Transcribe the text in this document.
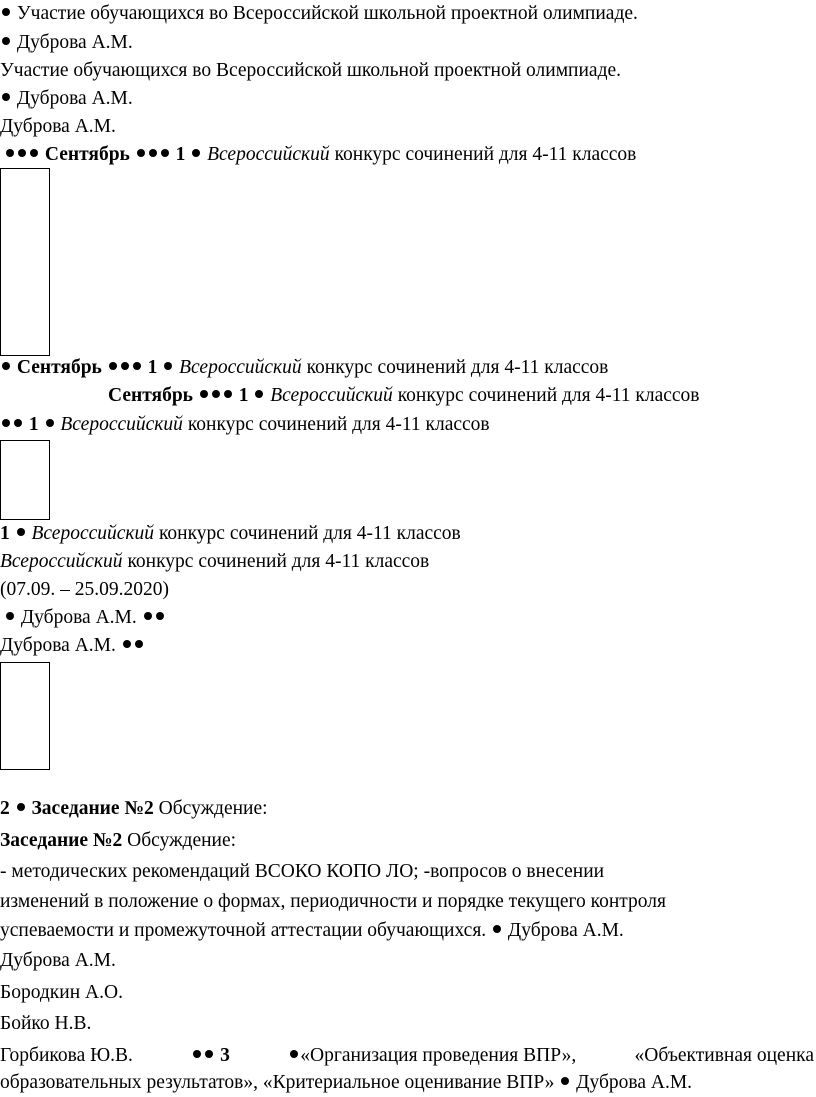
Участие обучающихся во Всероссийской школьной проектной олимпиаде.
Дуброва А.М.
Участие обучающихся во Всероссийской школьной проектной олимпиаде.
Дуброва А.М.
Дуброва А.М.
Сентябрь 1 Всероссийский конкурс сочинений для 4-11 классов
Сентябрь 1 Всероссийский конкурс сочинений для 4-11 классов
Сентябрь 1 Всероссийский конкурс сочинений для 4-11 классов
1 Всероссийский конкурс сочинений для 4-11 классов
1 Всероссийский конкурс сочинений для 4-11 классов
Всероссийский конкурс сочинений для 4-11 классов
(07.09. – 25.09.2020)
Дуброва А.М.
Дуброва А.М.
2 Заседание №2 Обсуждение:
Заседание №2 Обсуждение:
- методических рекомендаций ВСОКО КОПО ЛО; -вопросов о внесении
изменений в положение о формах, периодичности и порядке текущего контроля
успеваемости и промежуточной аттестации обучающихся. Дуброва А.М.
Дуброва А.М.
Бородкин А.О.
Бойко Н.В.
Горбикова Ю.В.	3	«Организация проведения ВПР»,	«Объективная оценка
образовательных результатов», «Критериальное оценивание ВПР» Дуброва А.М.
